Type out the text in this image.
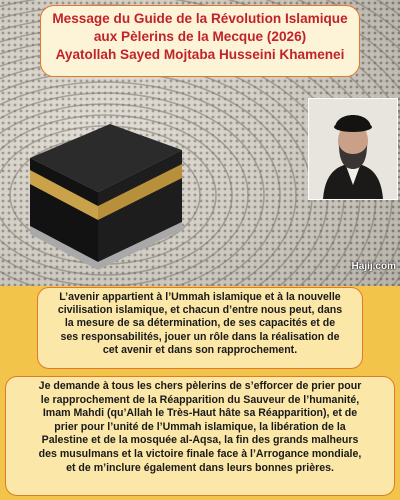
Message du Guide de la Révolution Islamique
aux Pèlerins de la Mecque (2026)
Ayatollah Sayed Mojtaba Husseini Khamenei
Hajij.com
L’avenir appartient à l’Ummah islamique et à la nouvelle
civilisation islamique, et chacun d’entre nous peut, dans
la mesure de sa détermination, de ses capacités et de
ses responsabilités, jouer un rôle dans la réalisation de
cet avenir et dans son rapprochement.
Je demande à tous les chers pèlerins de s’efforcer de prier pour
le rapprochement de la Réapparition du Sauveur de l’humanité,
Imam Mahdi (qu’Allah le Très-Haut hâte sa Réapparition), et de
prier pour l’unité de l’Ummah islamique, la libération de la
Palestine et de la mosquée al-Aqsa, la fin des grands malheurs
des musulmans et la victoire finale face à l’Arrogance mondiale,
et de m’inclure également dans leurs bonnes prières.
